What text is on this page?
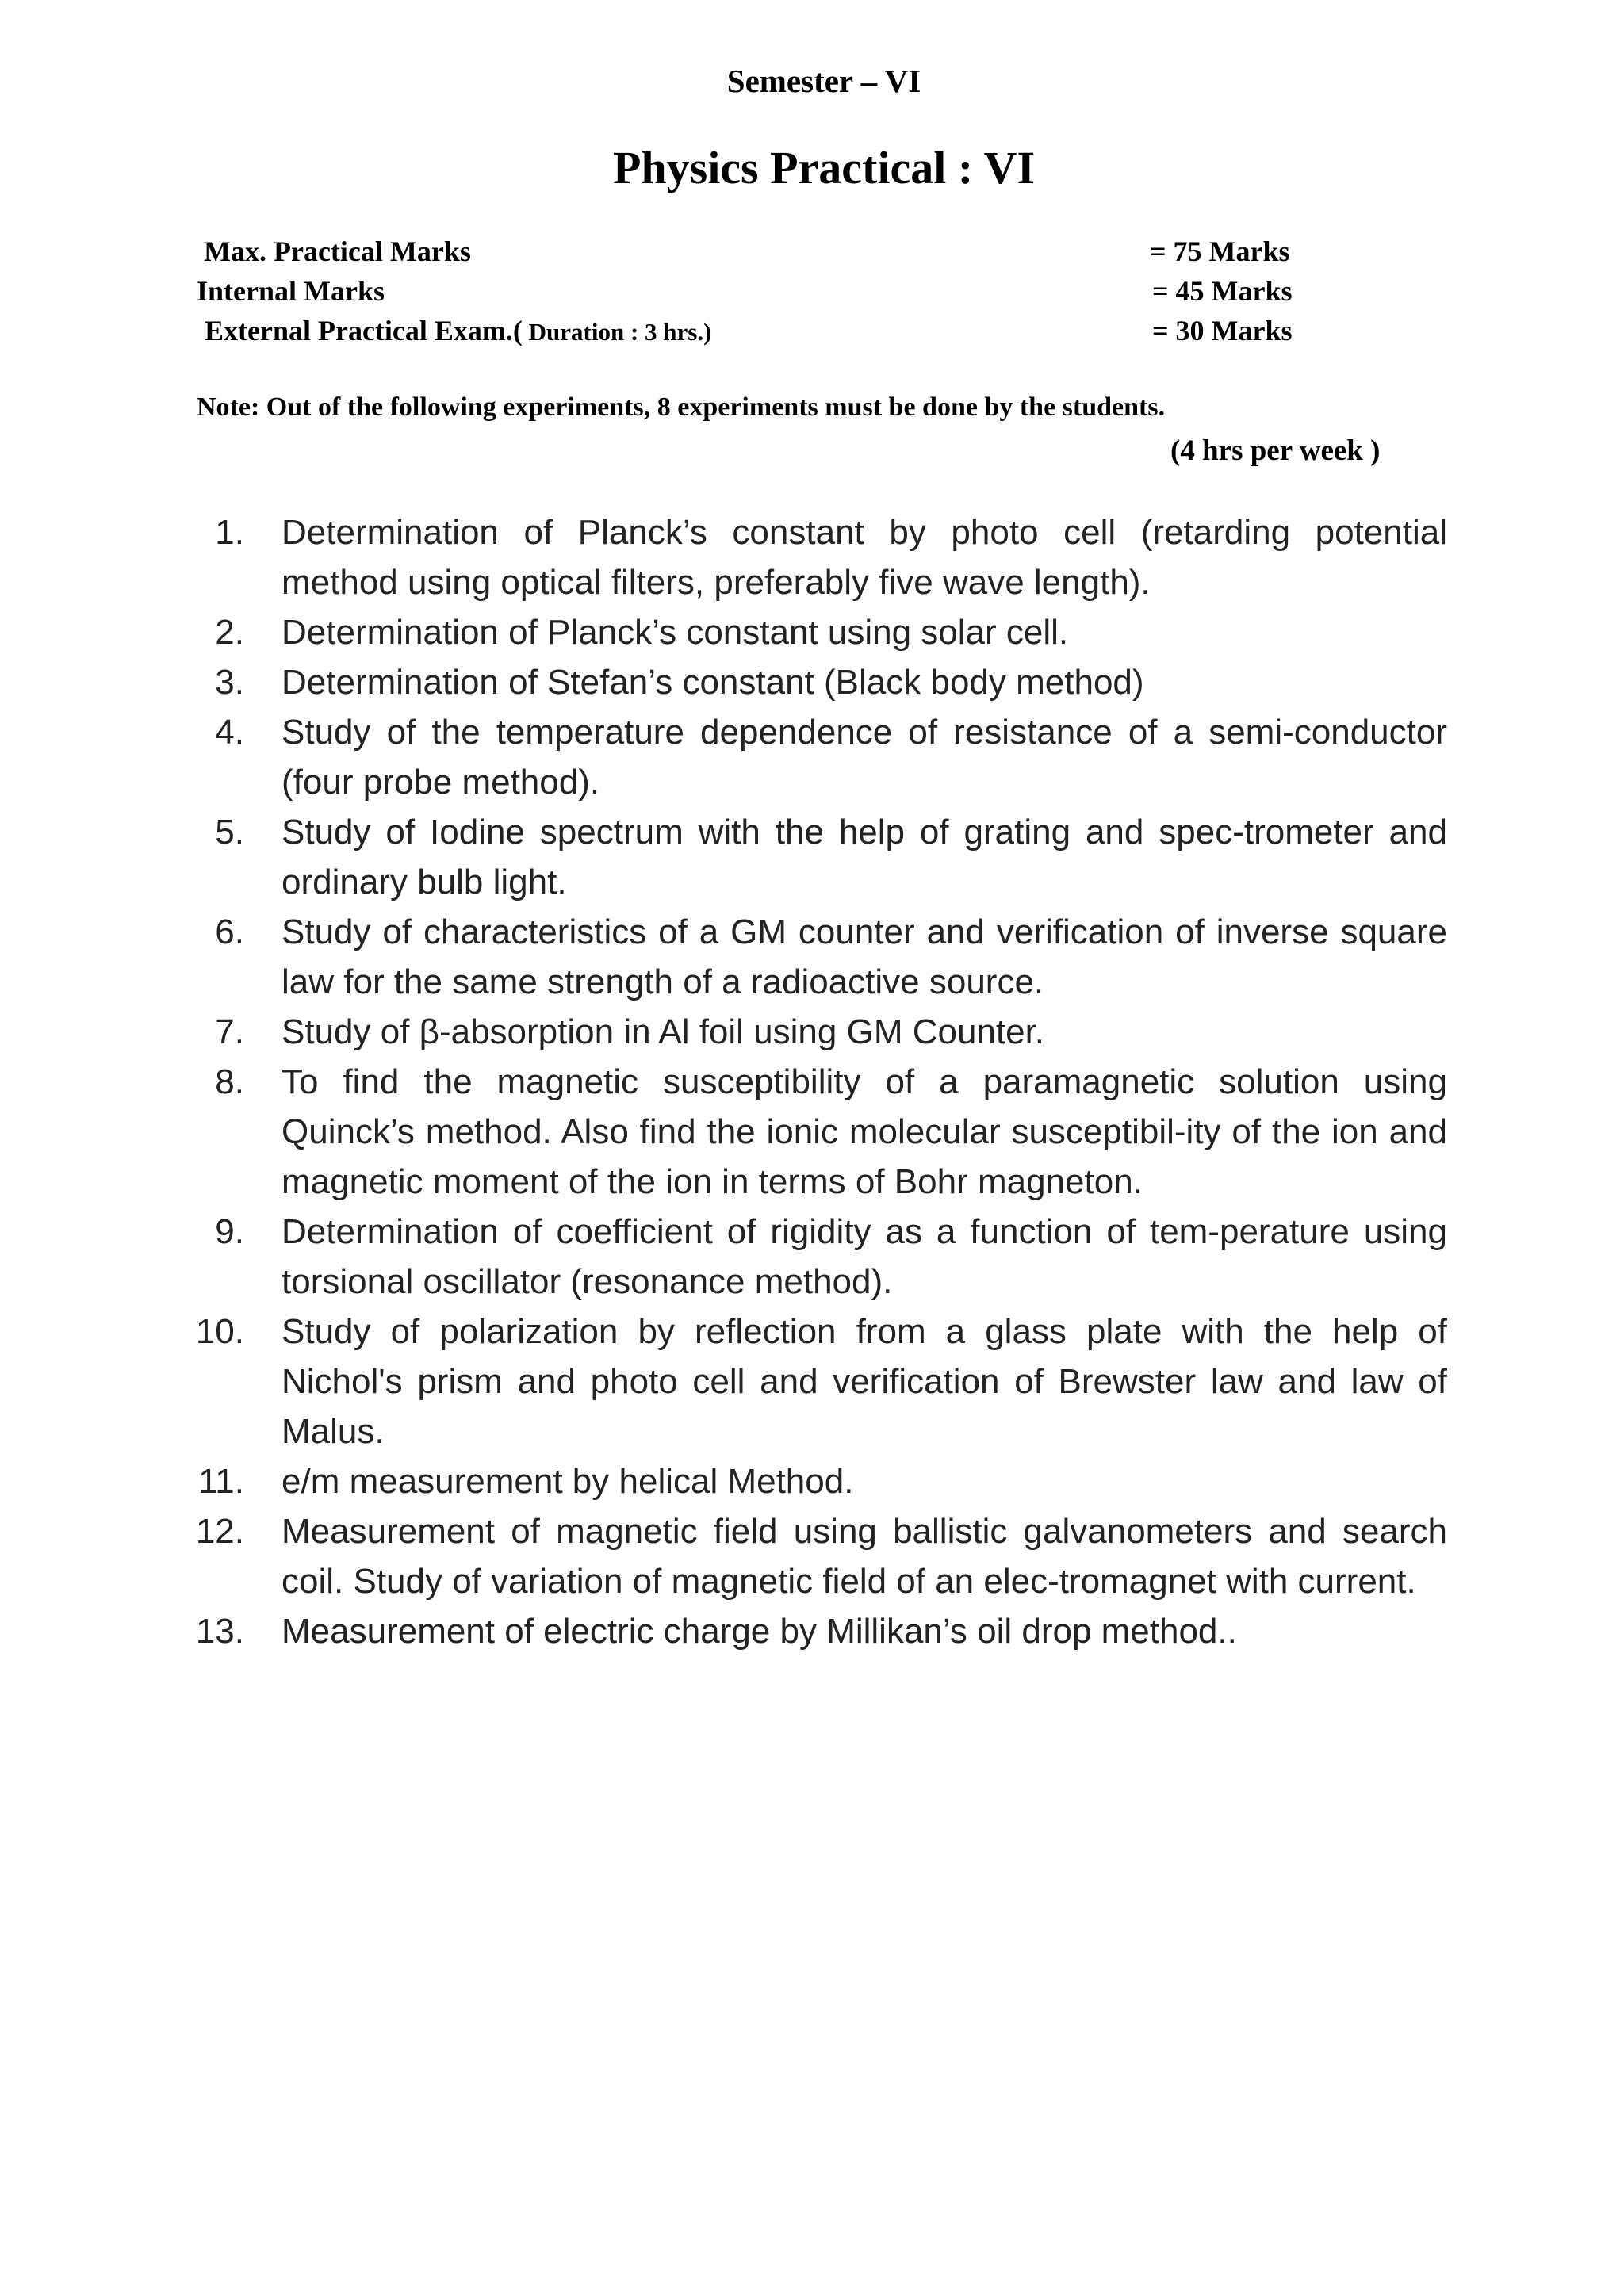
Semester – VI
Physics Practical : VI
Max. Practical Marks	= 75 Marks
Internal Marks	= 45 Marks
External Practical Exam.( Duration : 3 hrs.)	= 30 Marks
Note: Out of the following experiments, 8 experiments must be done by the students.
(4 hrs per week )
1. Determination of Planck’s constant by photo cell (retarding potential method using optical filters, preferably five wave length).
2. Determination of Planck’s constant using solar cell.
3. Determination of Stefan’s constant (Black body method)
4. Study of the temperature dependence of resistance of a semi-conductor (four probe method).
5. Study of Iodine spectrum with the help of grating and spec-trometer and ordinary bulb light.
6. Study of characteristics of a GM counter and verification of inverse square law for the same strength of a radioactive source.
7. Study of β-absorption in Al foil using GM Counter.
8. To find the magnetic susceptibility of a paramagnetic solution using Quinck’s method. Also find the ionic molecular susceptibil-ity of the ion and magnetic moment of the ion in terms of Bohr magneton.
9. Determination of coefficient of rigidity as a function of tem-perature using torsional oscillator (resonance method).
10. Study of polarization by reflection from a glass plate with the help of Nichol's prism and photo cell and verification of Brewster law and law of Malus.
11. e/m measurement by helical Method.
12. Measurement of magnetic field using ballistic galvanometers and search coil. Study of variation of magnetic field of an elec-tromagnet with current.
13. Measurement of electric charge by Millikan’s oil drop method..
